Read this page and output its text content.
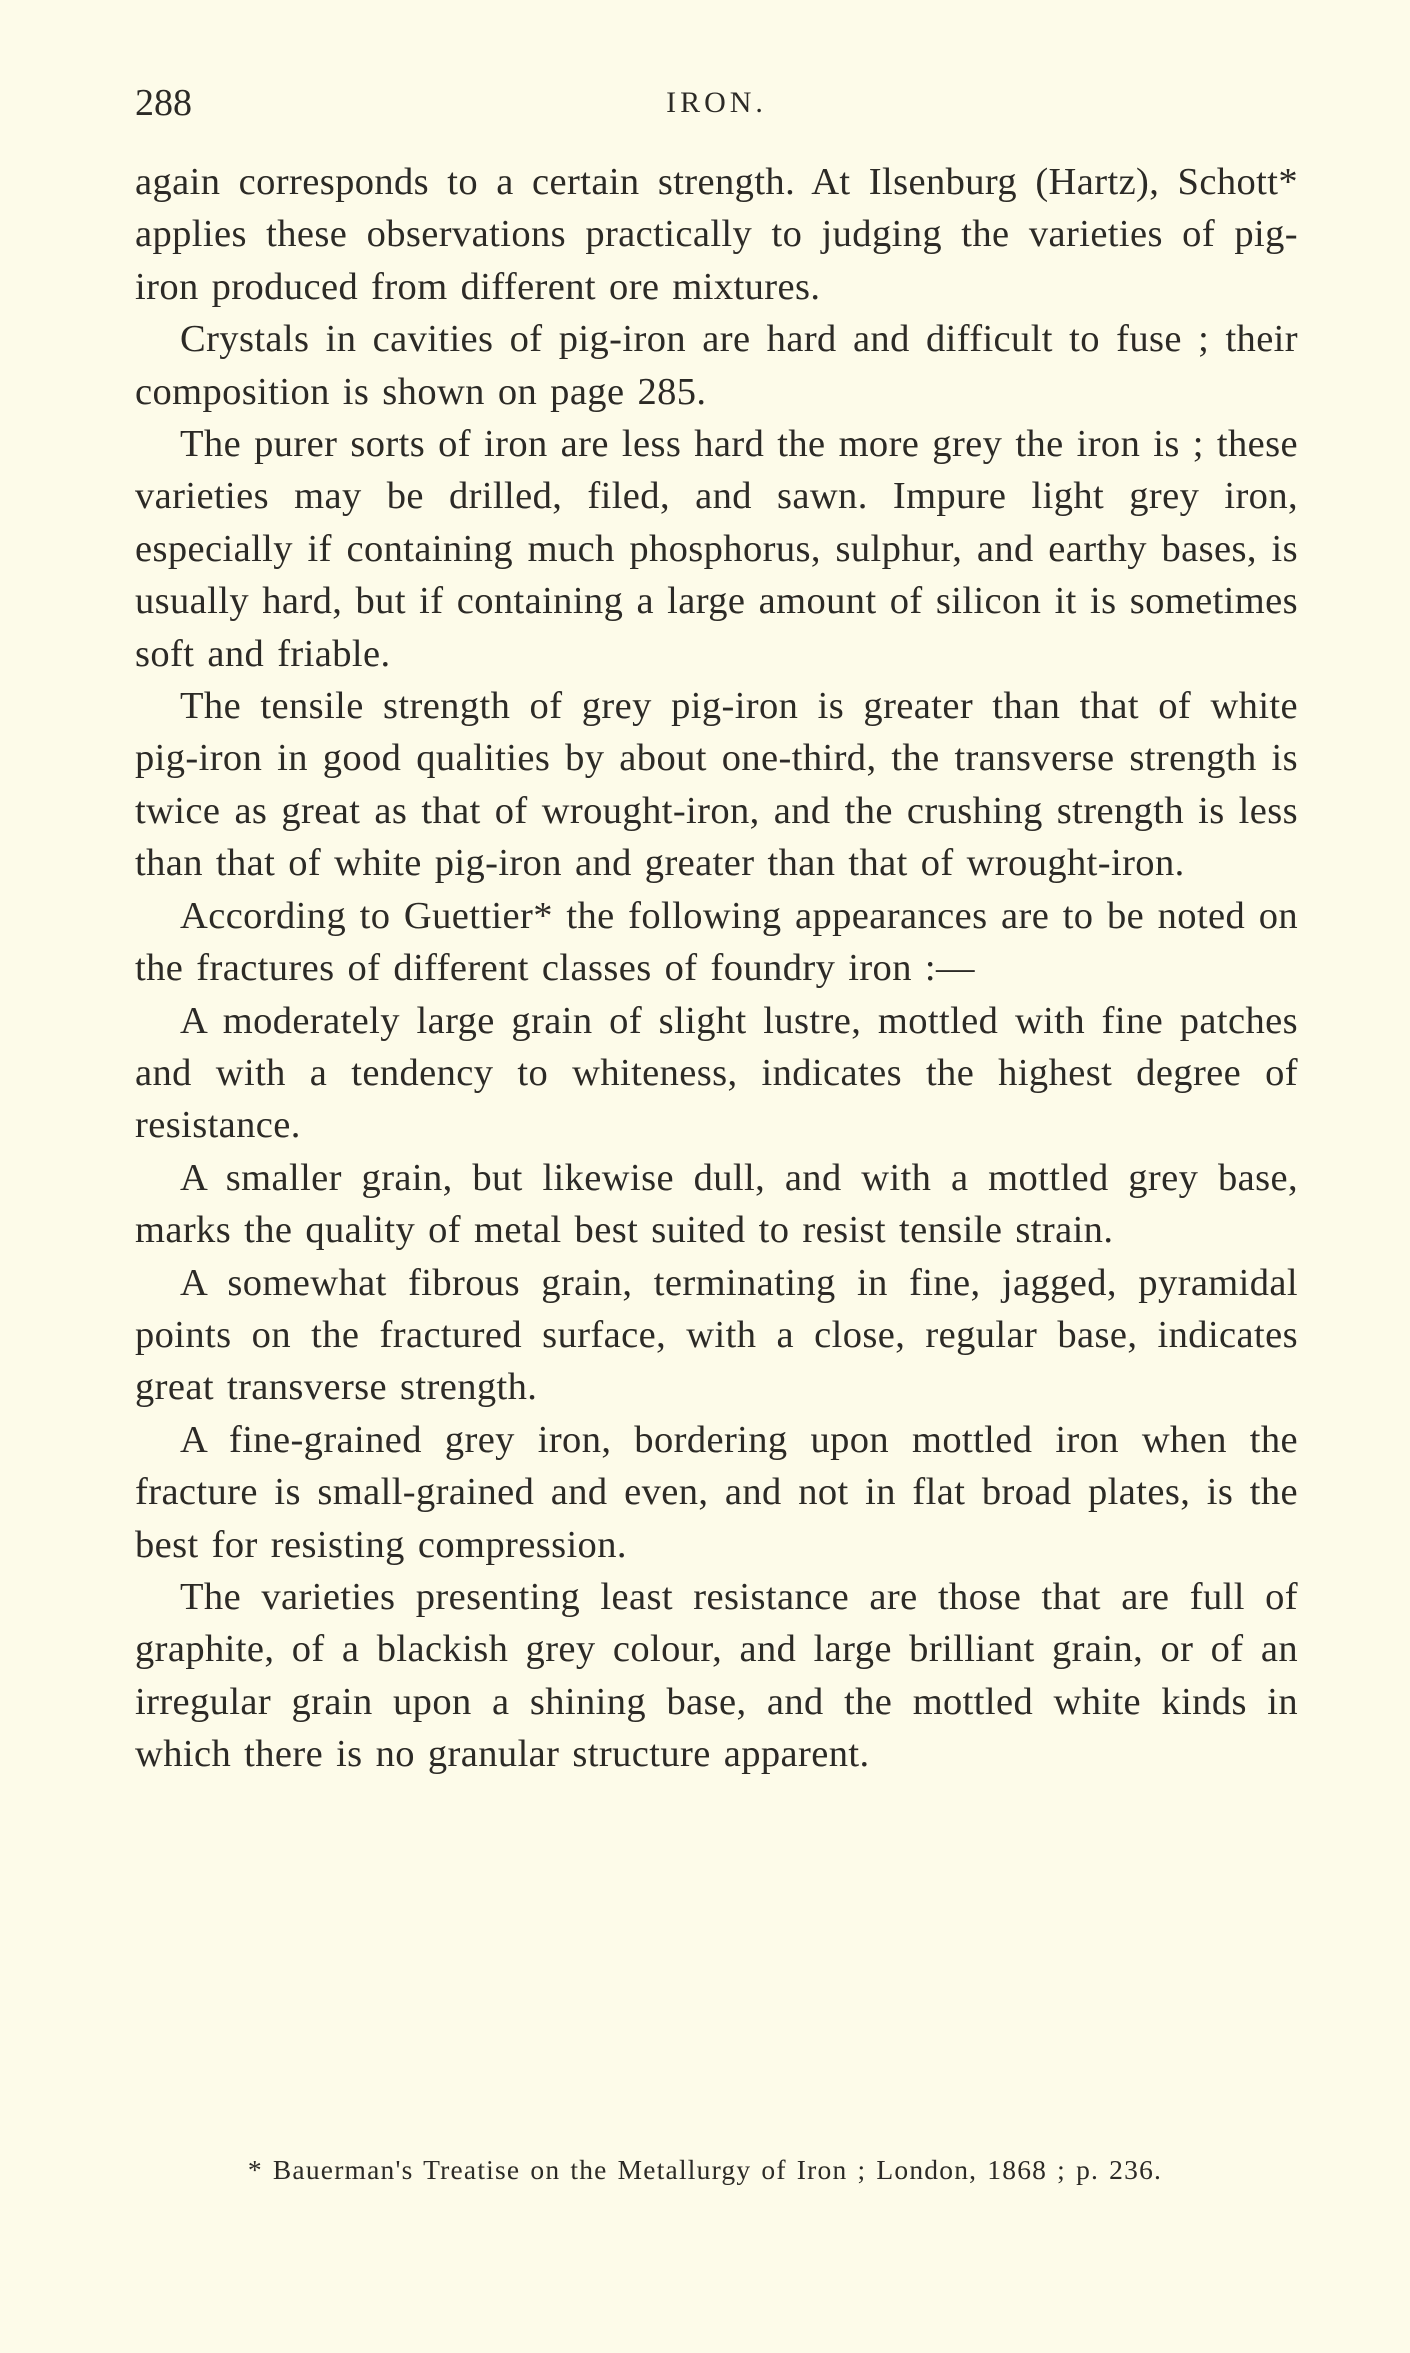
288	IRON.

again corresponds to a certain strength. At Ilsenburg (Hartz), Schott* applies these observations practically to judging the varieties of pig-iron produced from different ore mixtures.

Crystals in cavities of pig-iron are hard and difficult to fuse ; their composition is shown on page 285.

The purer sorts of iron are less hard the more grey the iron is ; these varieties may be drilled, filed, and sawn. Impure light grey iron, especially if containing much phosphorus, sulphur, and earthy bases, is usually hard, but if containing a large amount of silicon it is sometimes soft and friable.

The tensile strength of grey pig-iron is greater than that of white pig-iron in good qualities by about one-third, the transverse strength is twice as great as that of wrought-iron, and the crushing strength is less than that of white pig-iron and greater than that of wrought-iron.

According to Guettier* the following appearances are to be noted on the fractures of different classes of foundry iron :—

A moderately large grain of slight lustre, mottled with fine patches and with a tendency to whiteness, indicates the highest degree of resistance.

A smaller grain, but likewise dull, and with a mottled grey base, marks the quality of metal best suited to resist tensile strain.

A somewhat fibrous grain, terminating in fine, jagged, pyramidal points on the fractured surface, with a close, regular base, indicates great transverse strength.

A fine-grained grey iron, bordering upon mottled iron when the fracture is small-grained and even, and not in flat broad plates, is the best for resisting compression.

The varieties presenting least resistance are those that are full of graphite, of a blackish grey colour, and large brilliant grain, or of an irregular grain upon a shining base, and the mottled white kinds in which there is no granular structure apparent.

* Bauerman's Treatise on the Metallurgy of Iron ; London, 1868 ; p. 236.
